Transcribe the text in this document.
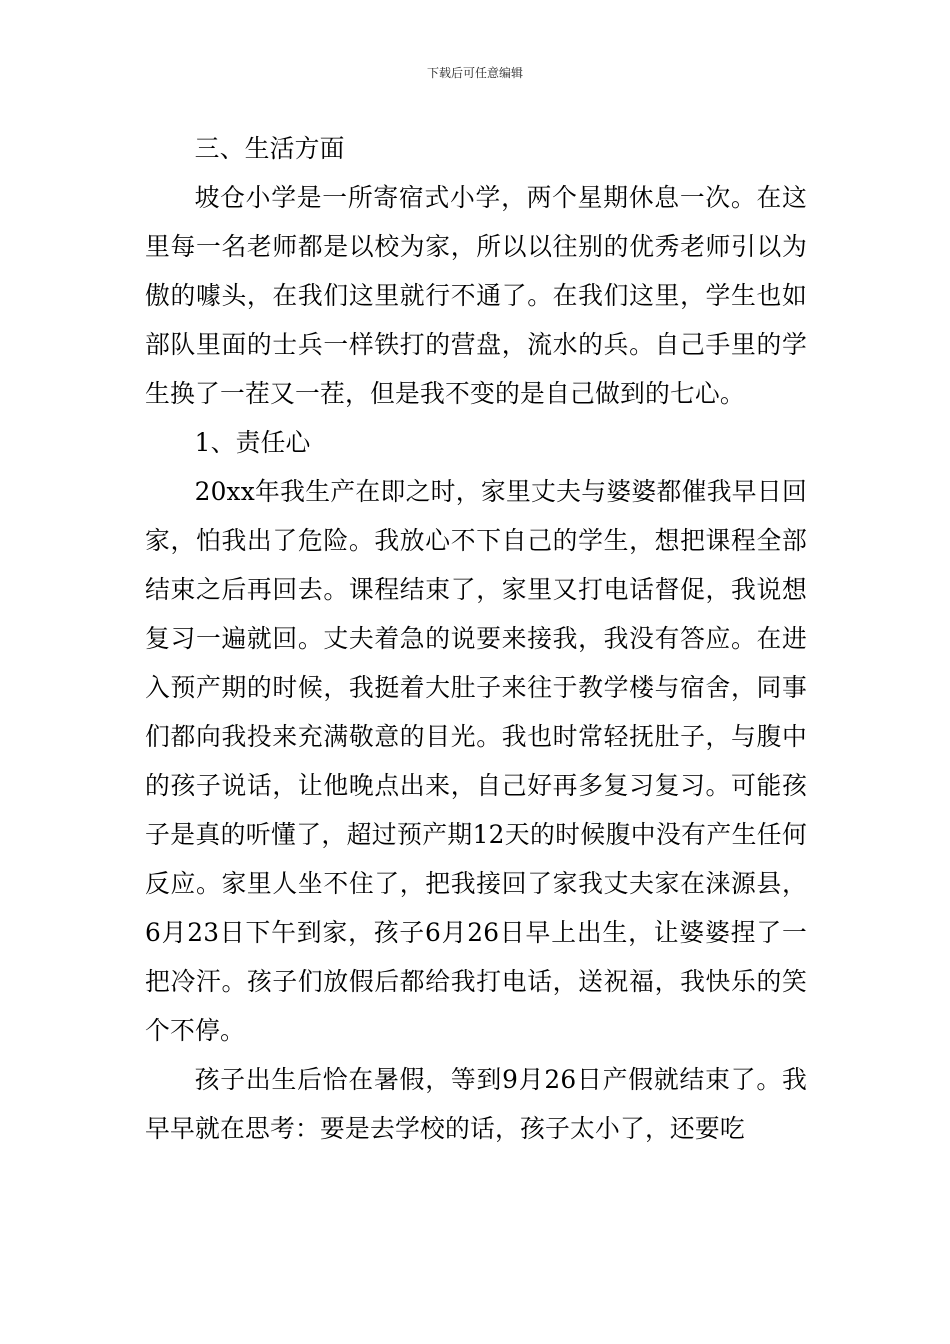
下载后可任意编辑

三、生活方面

坡仓小学是一所寄宿式小学，两个星期休息一次。在这里每一名老师都是以校为家，所以以往别的优秀老师引以为傲的噱头，在我们这里就行不通了。在我们这里，学生也如部队里面的士兵一样铁打的营盘，流水的兵。自己手里的学生换了一茬又一茬，但是我不变的是自己做到的七心。

1、责任心

20xx年我生产在即之时，家里丈夫与婆婆都催我早日回家，怕我出了危险。我放心不下自己的学生，想把课程全部结束之后再回去。课程结束了，家里又打电话督促，我说想复习一遍就回。丈夫着急的说要来接我，我没有答应。在进入预产期的时候，我挺着大肚子来往于教学楼与宿舍，同事们都向我投来充满敬意的目光。我也时常轻抚肚子，与腹中的孩子说话，让他晚点出来，自己好再多复习复习。可能孩子是真的听懂了，超过预产期12天的时候腹中没有产生任何反应。家里人坐不住了，把我接回了家我丈夫家在涞源县，6月23日下午到家，孩子6月26日早上出生，让婆婆捏了一把冷汗。孩子们放假后都给我打电话，送祝福，我快乐的笑个不停。

孩子出生后恰在暑假，等到9月26日产假就结束了。我早早就在思考：要是去学校的话，孩子太小了，还要吃
